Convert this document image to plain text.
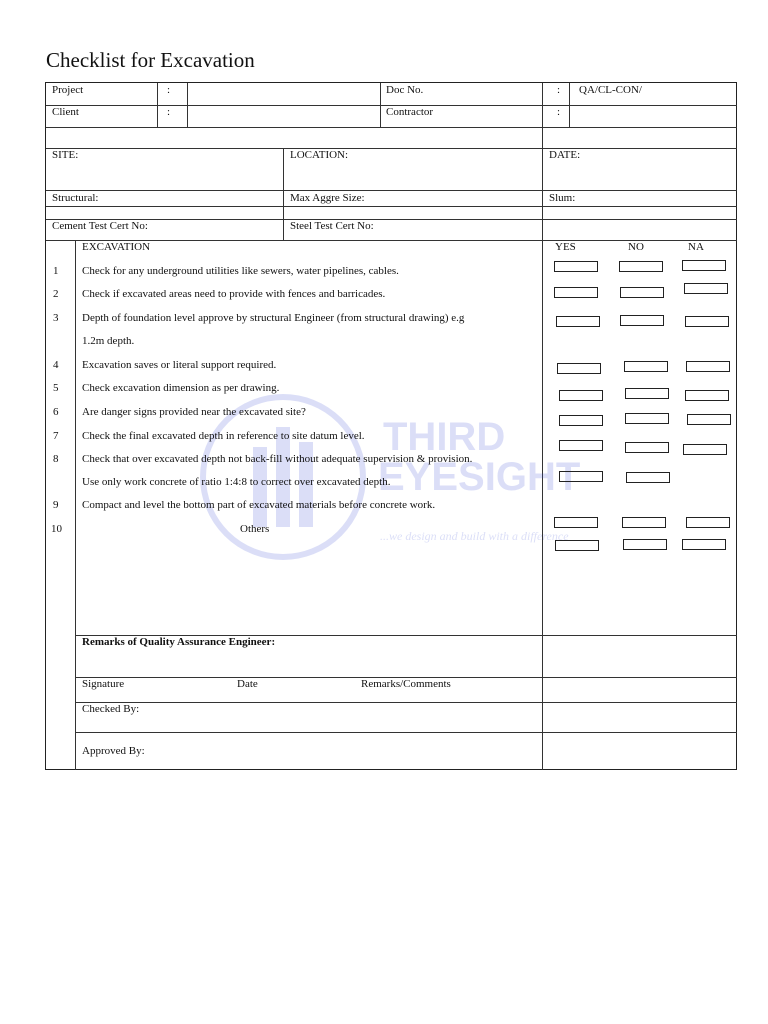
Checklist for Excavation
Project	:	Doc No.	: QA/CL-CON/
Client	:	Contractor	:
SITE:	LOCATION:	DATE:
Structural:	Max Aggre Size:	Slum:
Cement Test Cert No:	Steel Test Cert No:
THIRD
EYESIGHT
...we design and build with a difference
EXCAVATION	YES	NO	NA
1 Check for any underground utilities like sewers, water pipelines, cables.
2 Check if excavated areas need to provide with fences and barricades.
3 Depth of foundation level approve by structural Engineer (from structural drawing) e.g
1.2m depth.
4 Excavation saves or literal support required.
5 Check excavation dimension as per drawing.
6 Are danger signs provided near the excavated site?
7 Check the final excavated depth in reference to site datum level.
8 Check that over excavated depth not back-fill without adequate supervision & provision.
Use only work concrete of ratio 1:4:8 to correct over excavated depth.
9 Compact and level the bottom part of excavated materials before concrete work.
10	Others
Remarks of Quality Assurance Engineer:
Signature	Date	Remarks/Comments
Checked By:
Approved By:
